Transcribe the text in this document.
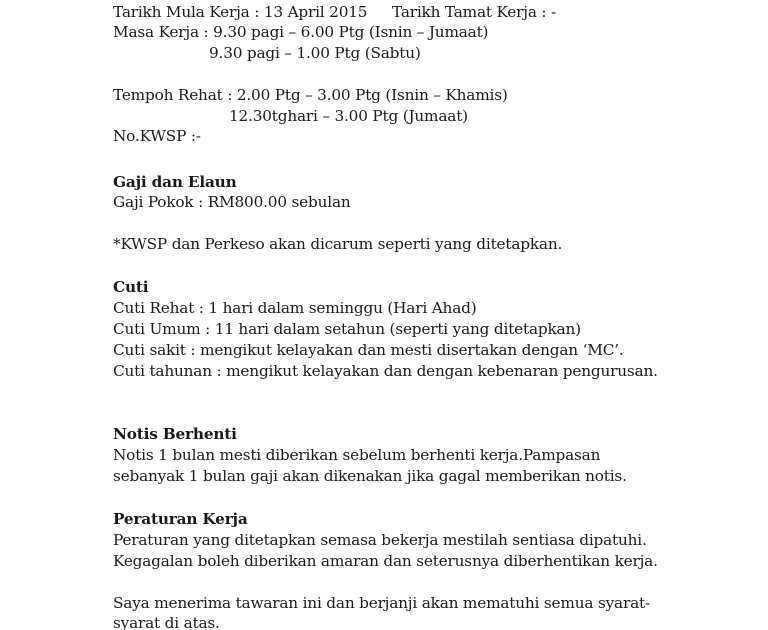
Tarikh Mula Kerja : 13 April 2015 Tarikh Tamat Kerja : -
Masa Kerja : 9.30 pagi – 6.00 Ptg (Isnin – Jumaat)
9.30 pagi – 1.00 Ptg (Sabtu)
Tempoh Rehat : 2.00 Ptg – 3.00 Ptg (Isnin – Khamis)
12.30tghari – 3.00 Ptg (Jumaat)
No.KWSP :-
Gaji dan Elaun
Gaji Pokok : RM800.00 sebulan
*KWSP dan Perkeso akan dicarum seperti yang ditetapkan.
Cuti
Cuti Rehat : 1 hari dalam seminggu (Hari Ahad)
Cuti Umum : 11 hari dalam setahun (seperti yang ditetapkan)
Cuti sakit : mengikut kelayakan dan mesti disertakan dengan ‘MC’.
Cuti tahunan : mengikut kelayakan dan dengan kebenaran pengurusan.
Notis Berhenti
Notis 1 bulan mesti diberikan sebelum berhenti kerja.Pampasan
sebanyak 1 bulan gaji akan dikenakan jika gagal memberikan notis.
Peraturan Kerja
Peraturan yang ditetapkan semasa bekerja mestilah sentiasa dipatuhi.
Kegagalan boleh diberikan amaran dan seterusnya diberhentikan kerja.
Saya menerima tawaran ini dan berjanji akan mematuhi semua syarat-
syarat di atas.
